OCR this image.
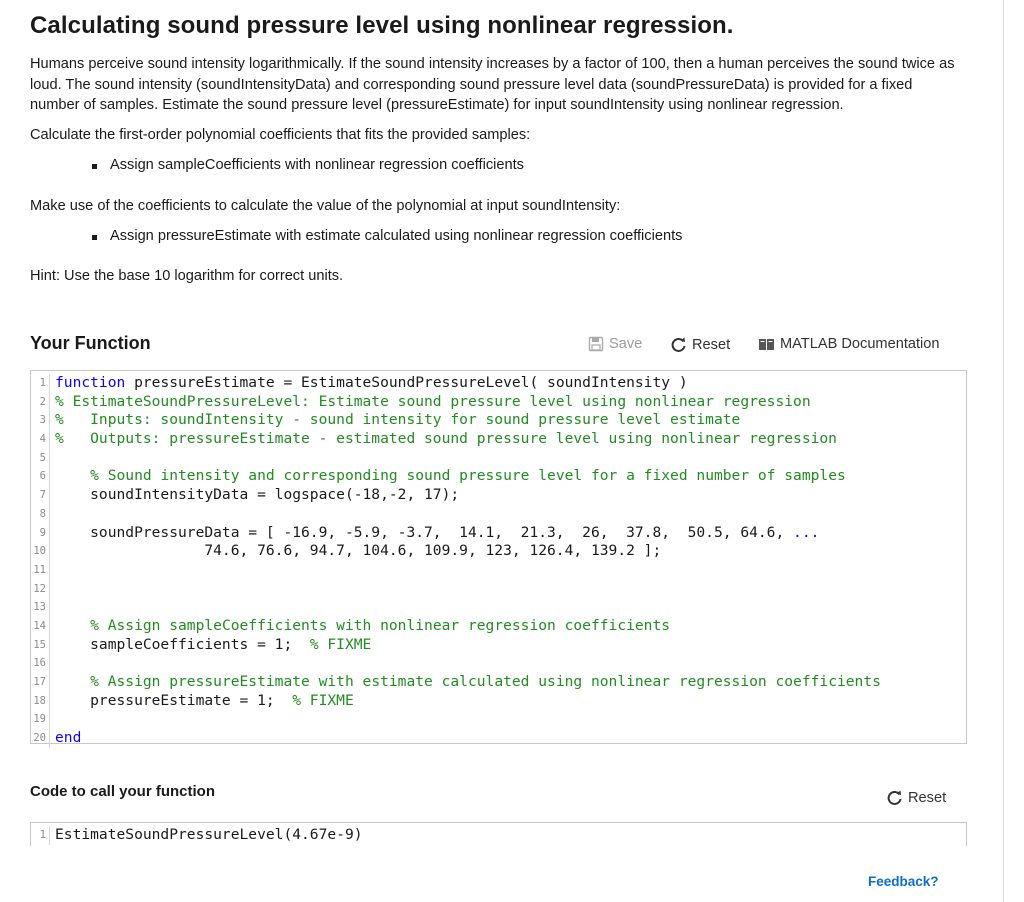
Calculating sound pressure level using nonlinear regression.

Humans perceive sound intensity logarithmically. If the sound intensity increases by a factor of 100, then a human perceives the sound twice as loud. The sound intensity (soundIntensityData) and corresponding sound pressure level data (soundPressureData) is provided for a fixed number of samples. Estimate the sound pressure level (pressureEstimate) for input soundIntensity using nonlinear regression.

Calculate the first-order polynomial coefficients that fits the provided samples:

Assign sampleCoefficients with nonlinear regression coefficients

Make use of the coefficients to calculate the value of the polynomial at input soundIntensity:

Assign pressureEstimate with estimate calculated using nonlinear regression coefficients

Hint: Use the base 10 logarithm for correct units.

Your Function	Save	Reset	MATLAB Documentation
1 function pressureEstimate = EstimateSoundPressureLevel( soundIntensity )
2 % EstimateSoundPressureLevel: Estimate sound pressure level using nonlinear regression
3 %   Inputs: soundIntensity - sound intensity for sound pressure level estimate
4 %   Outputs: pressureEstimate - estimated sound pressure level using nonlinear regression
5
6	% Sound intensity and corresponding sound pressure level for a fixed number of samples
7 soundIntensityData = logspace(-18,-2, 17);
8
9 soundPressureData = [ -16.9, -5.9, -3.7,  14.1,  21.3,  26,  37.8,  50.5, 64.6, ...
10 74.6, 76.6, 94.7, 104.6, 109.9, 123, 126.4, 139.2 ];
11
12
13
14	% Assign sampleCoefficients with nonlinear regression coefficients
15 sampleCoefficients = 1;  % FIXME
16
17	% Assign pressureEstimate with estimate calculated using nonlinear regression coefficients
18 pressureEstimate = 1;  % FIXME
19
20 end
Code to call your function	Reset
1 EstimateSoundPressureLevel(4.67e-9)
Feedback?
